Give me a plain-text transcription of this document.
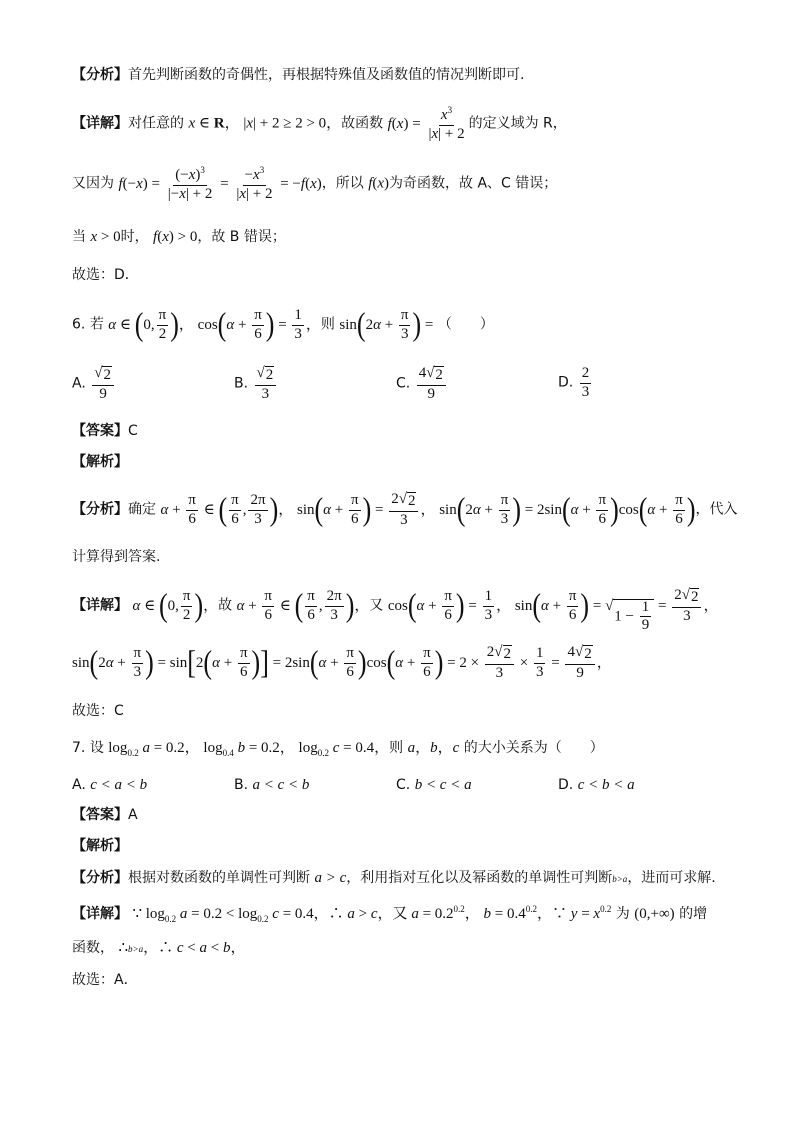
【分析】首先判断函数的奇偶性，再根据特殊值及函数值的情况判断即可.
【详解】对任意的 x ∈ R， |x| + 2 ≥ 2 > 0，故函数 $f(x) = \frac{x^3}{|x| + 2}$ 的定义域为 R，
又因为 $f(-x) = \frac{(-x)^3}{|-x| + 2} = \frac{-x^3}{|x| + 2} = -f(x)$，所以 f(x)为奇函数，故 A、C 错误；
当 x > 0时， f(x) > 0，故 B 错误；
故选：D．
6. 若 α ∈ (0, $\frac{\pi}{2}$ )， $\cos(\alpha + \frac{\pi}{6}$ ) = $\frac{1}{3}$ ，则 $\sin(2\alpha + \frac{\pi}{3}$ ) = （　　）
A. $\frac{√ 2}{9}$	B. $\frac{√ 2}{3}$	C. $\frac{4√ 2}{9}$	D. $\frac{2}{3}$
【答案】C
【解析】
【分析】确定 $\alpha + \frac{\pi}{6}$ ∈ ( $\frac{\pi}{6}$ , $\frac{2\pi}{3}$ )， $\sin(\alpha + \frac{\pi}{6}$ ) = $\frac{2√ 2}{3}$ ， $\sin(2\alpha + \frac{\pi}{3}$ ) = $2\sin(\alpha + \frac{\pi}{6} )\cos(\alpha + \frac{\pi}{6}$ )，代入
计算得到答案.
【详解】 α ∈ (0, $\frac{\pi}{2}$ )，故 $\alpha + \frac{\pi}{6}$ ∈ ( $\frac{\pi}{6}$ , $\frac{2\pi}{3}$ )，又 $\cos(\alpha + \frac{\pi}{6}$ ) = $\frac{1}{3}$ ， $\sin(\alpha + \frac{\pi}{6}$ ) = √
$1 - \frac{1}{9} = \frac{2√ 2}{3}$ ，
$\sin(2\alpha + \frac{\pi}{3}$ ) = $\sin[2(\alpha + \frac{\pi}{6}$ )] = $2\sin(\alpha + \frac{\pi}{6} )\cos(\alpha + \frac{\pi}{6}$ ) = $2 \times \frac{2√ 2}{3} \times \frac{1}{3} = \frac{4√ 2}{9}$ ，
故选：C
7. 设 $\log_{0.2} a = 0.2$， $\log_{0.4} b = 0.2$， $\log_{0.2} c = 0.4$，则 a，b，c 的大小关系为（　　）
A. c < a < b	B. a < c < b	C. b < c < a	D. c < b < a
【答案】A
【解析】
【分析】根据对数函数的单调性可判断 a > c，利用指对互化以及幂函数的单调性可判断b>a，进而可求解.
【详解】 ∵ $\log_{0.2} a = 0.2 < \log_{0.2} c = 0.4$，∴ a > c，又 $a = 0.2^{0.2}$， $b = 0.4^{0.2}$，∵ $y = x^{0.2}$ 为 (0,+∞) 的增
函数， ∴b>a，∴ c < a < b，
故选：A．
